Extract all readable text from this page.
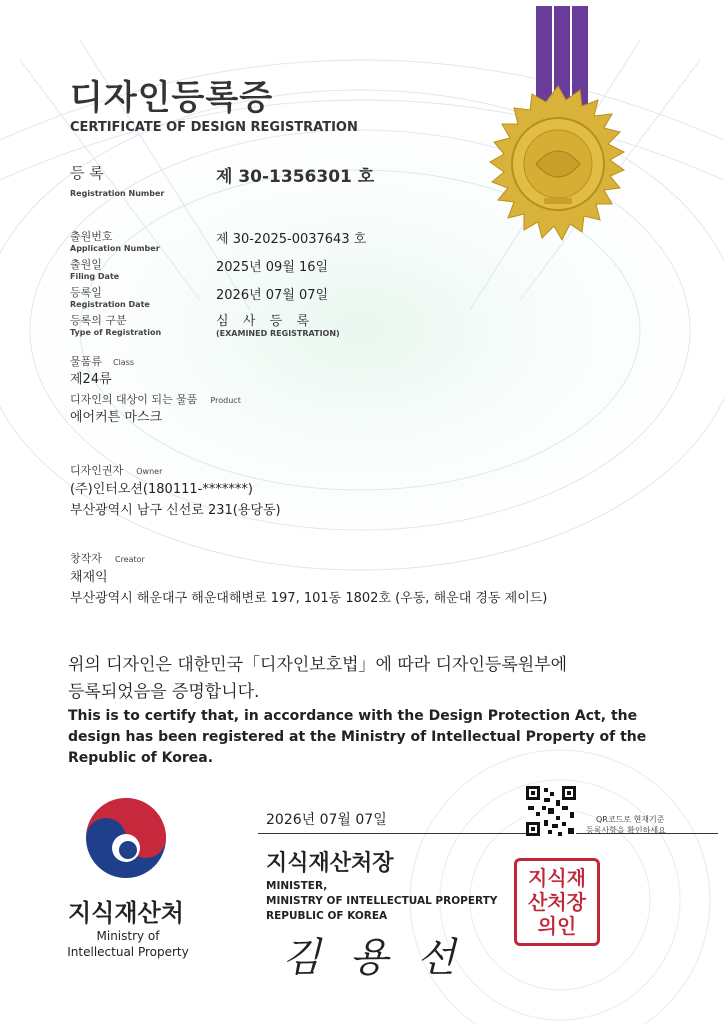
디자인등록증
CERTIFICATE OF DESIGN REGISTRATION
등 록
Registration Number
제 30-1356301 호
출원번호
Application Number
제 30-2025-0037643 호
출원일
Filing Date
2025년 09월 16일
등록일
Registration Date
2026년 07월 07일
등록의 구분
Type of Registration
심  사  등  록
(EXAMINED REGISTRATION)
물품류 Class
제24류
디자인의 대상이 되는 물품 Product
에어커튼 마스크
디자인권자 Owner
(주)인터오션(180111-*******)
부산광역시 남구 신선로 231(용당동)
창작자 Creator
채재익
부산광역시 해운대구 해운대해변로 197, 101동 1802호 (우동, 해운대 경동 제이드)
위의 디자인은 대한민국「디자인보호법」에 따라 디자인등록원부에
등록되었음을 증명합니다.
This is to certify that, in accordance with the Design Protection Act, the design has been registered at the Ministry of Intellectual Property of the Republic of Korea.
지식재산처
Ministry of
Intellectual Property
2026년 07월 07일	QR코드로 현재기준
등록사항을 확인하세요
지식재산처장
MINISTER,
MINISTRY OF INTELLECTUAL PROPERTY
REPUBLIC OF KOREA
김 용 선
지식재산처장의인
